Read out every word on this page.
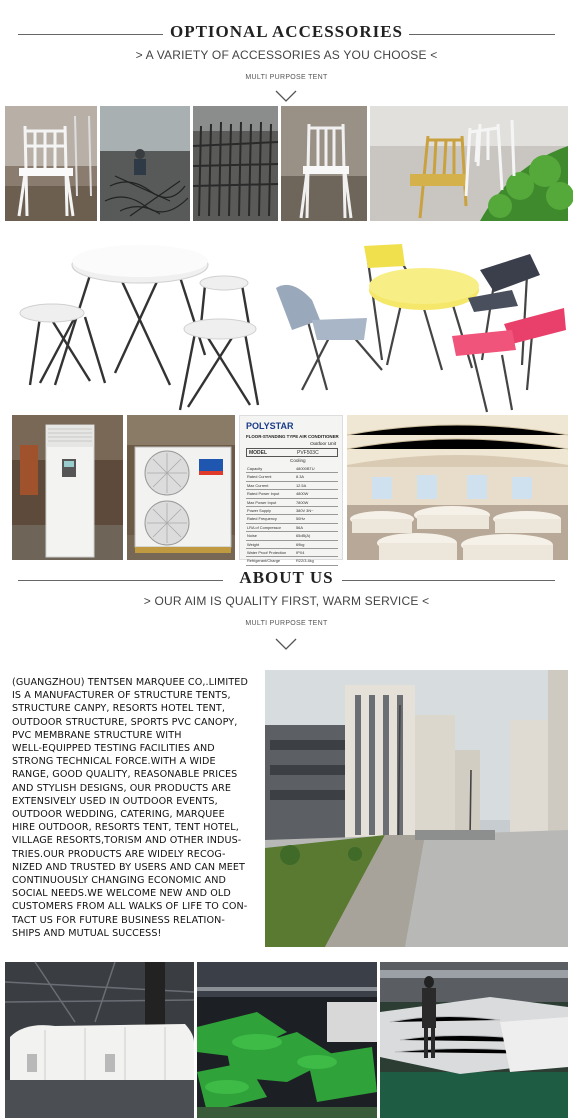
OPTIONAL ACCESSORIES
> A VARIETY OF ACCESSORIES AS YOU CHOOSE <
MULTI PURPOSE TENT
POLYSTAR
FLOOR-STANDING TYPE AIR CONDITIONER
Outdoor Unit
MODEL	PVF503C
Cooling
Capacity	48000BTU
Rated Current	8.3A
Max Current	12.5A
Rated Power Input	4800W
Max Power Input	7800W
Power Supply	380V 3N~
Rated Frequency	50Hz
LRA of Compressor	56A
Noise	65dB(A)
Weight	69kg
Water Proof Protection	IPX4
Refrigerant/Charge	R22/3.4kg
ABOUT US
> OUR AIM IS QUALITY FIRST, WARM SERVICE <
MULTI PURPOSE TENT
(GUANGZHOU) TENTSEN MARQUEE CO,.LIMITED
IS A MANUFACTURER OF STRUCTURE TENTS,
STRUCTURE CANPY, RESORTS HOTEL TENT,
OUTDOOR STRUCTURE, SPORTS PVC CANOPY,
PVC MEMBRANE STRUCTURE WITH
WELL-EQUIPPED TESTING FACILITIES AND
STRONG TECHNICAL FORCE.WITH A WIDE
RANGE, GOOD QUALITY, REASONABLE PRICES
AND STYLISH DESIGNS, OUR PRODUCTS ARE
EXTENSIVELY USED IN OUTDOOR EVENTS,
OUTDOOR WEDDING, CATERING, MARQUEE
HIRE OUTDOOR, RESORTS TENT, TENT HOTEL,
VILLAGE RESORTS,TORISM AND OTHER INDUS-
TRIES.OUR PRODUCTS ARE WIDELY RECOG-
NIZED AND TRUSTED BY USERS AND CAN MEET
CONTINUOUSLY CHANGING ECONOMIC AND
SOCIAL NEEDS.WE WELCOME NEW AND OLD
CUSTOMERS FROM ALL WALKS OF LIFE TO CON-
TACT US FOR FUTURE BUSINESS RELATION-
SHIPS AND MUTUAL SUCCESS!
